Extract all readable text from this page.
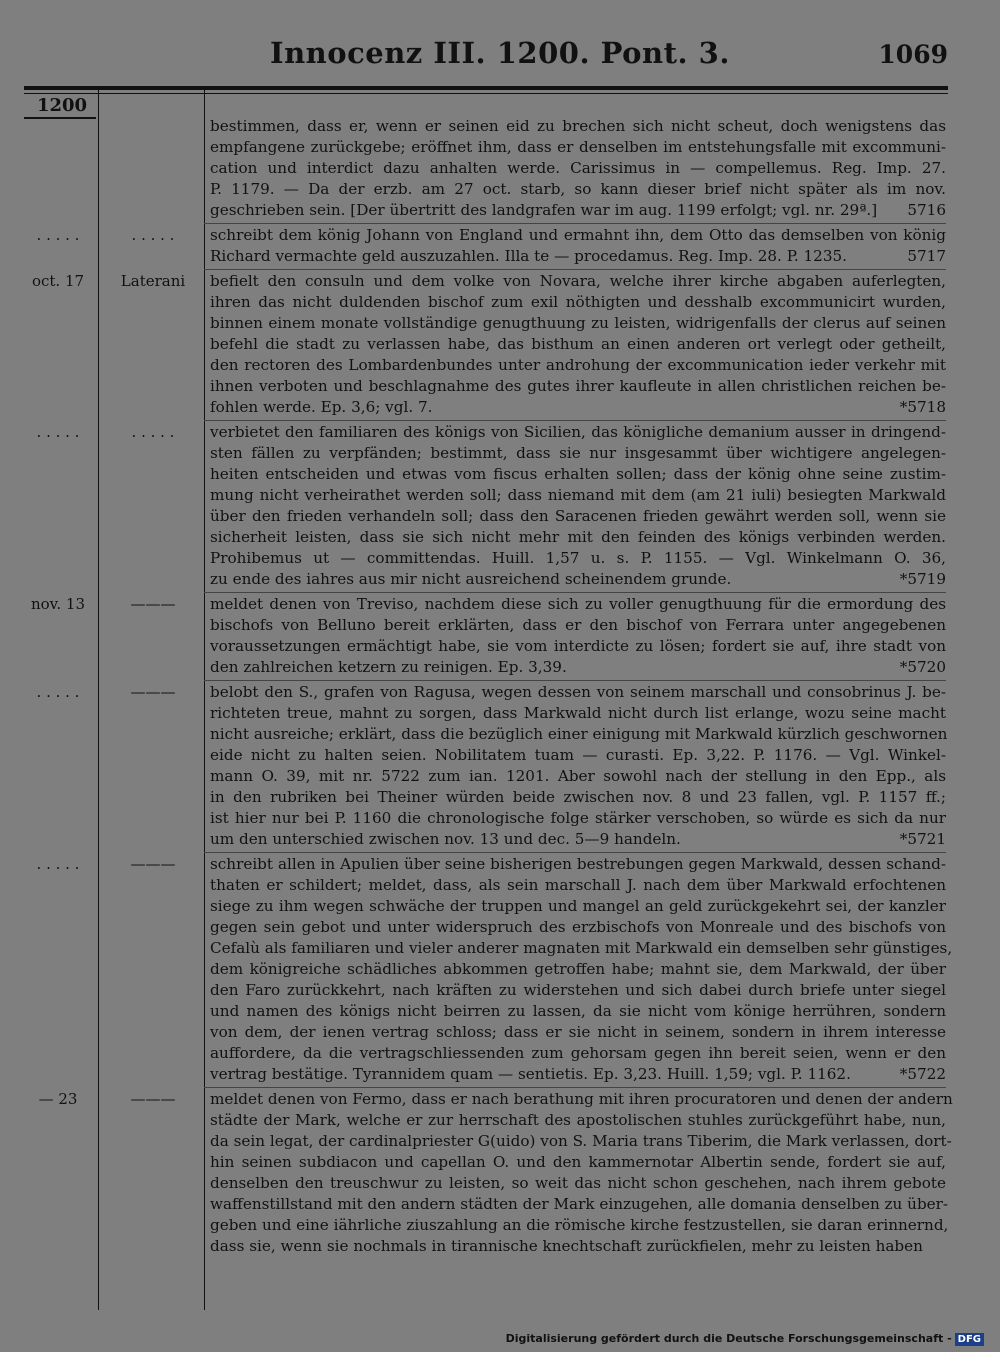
Innocenz III. 1200. Pont. 3.	1069
1200
bestimmen, dass er, wenn er seinen eid zu brechen sich nicht scheut, doch wenigstens das
empfangene zurückgebe; eröffnet ihm, dass er denselben im entstehungsfalle mit excommuni-
cation und interdict dazu anhalten werde. Carissimus in — compellemus. Reg. Imp. 27.
P. 1179. — Da der erzb. am 27 oct. starb, so kann dieser brief nicht später als im nov.
geschrieben sein. [Der übertritt des landgrafen war im aug. 1199 erfolgt; vgl. nr. 29ª.] 5716
. . . . .	. . . . .	schreibt dem könig Johann von England und ermahnt ihn, dem Otto das demselben von könig
Richard vermachte geld auszuzahlen. Illa te — procedamus. Reg. Imp. 28. P. 1235.	5717
oct. 17	Laterani	befielt den consuln und dem volke von Novara, welche ihrer kirche abgaben auferlegten,
ihren das nicht duldenden bischof zum exil nöthigten und desshalb excommunicirt wurden,
binnen einem monate vollständige genugthuung zu leisten, widrigenfalls der clerus auf seinen
befehl die stadt zu verlassen habe, das bisthum an einen anderen ort verlegt oder getheilt,
den rectoren des Lombardenbundes unter androhung der excommunication ieder verkehr mit
ihnen verboten und beschlagnahme des gutes ihrer kaufleute in allen christlichen reichen be-
fohlen werde. Ep. 3,6; vgl. 7.	*5718
. . . . .	. . . . .	verbietet den familiaren des königs von Sicilien, das königliche demanium ausser in dringend-
sten fällen zu verpfänden; bestimmt, dass sie nur insgesammt über wichtigere angelegen-
heiten entscheiden und etwas vom fiscus erhalten sollen; dass der könig ohne seine zustim-
mung nicht verheirathet werden soll; dass niemand mit dem (am 21 iuli) besiegten Markwald
über den frieden verhandeln soll; dass den Saracenen frieden gewährt werden soll, wenn sie
sicherheit leisten, dass sie sich nicht mehr mit den feinden des königs verbinden werden.
Prohibemus ut — committendas. Huill. 1,57 u. s. P. 1155. — Vgl. Winkelmann O. 36,
zu ende des iahres aus mir nicht ausreichend scheinendem grunde.	*5719
nov. 13	———	meldet denen von Treviso, nachdem diese sich zu voller genugthuung für die ermordung des
bischofs von Belluno bereit erklärten, dass er den bischof von Ferrara unter angegebenen
voraussetzungen ermächtigt habe, sie vom interdicte zu lösen; fordert sie auf, ihre stadt von
den zahlreichen ketzern zu reinigen. Ep. 3,39.	*5720
. . . . .	———	belobt den S., grafen von Ragusa, wegen dessen von seinem marschall und consobrinus J. be-
richteten treue, mahnt zu sorgen, dass Markwald nicht durch list erlange, wozu seine macht
nicht ausreiche; erklärt, dass die bezüglich einer einigung mit Markwald kürzlich geschwornen
eide nicht zu halten seien. Nobilitatem tuam — curasti. Ep. 3,22. P. 1176. — Vgl. Winkel-
mann O. 39, mit nr. 5722 zum ian. 1201. Aber sowohl nach der stellung in den Epp., als
in den rubriken bei Theiner würden beide zwischen nov. 8 und 23 fallen, vgl. P. 1157 ff.;
ist hier nur bei P. 1160 die chronologische folge stärker verschoben, so würde es sich da nur
um den unterschied zwischen nov. 13 und dec. 5—9 handeln.	*5721
. . . . .	———	schreibt allen in Apulien über seine bisherigen bestrebungen gegen Markwald, dessen schand-
thaten er schildert; meldet, dass, als sein marschall J. nach dem über Markwald erfochtenen
siege zu ihm wegen schwäche der truppen und mangel an geld zurückgekehrt sei, der kanzler
gegen sein gebot und unter widerspruch des erzbischofs von Monreale und des bischofs von
Cefalù als familiaren und vieler anderer magnaten mit Markwald ein demselben sehr günstiges,
dem königreiche schädliches abkommen getroffen habe; mahnt sie, dem Markwald, der über
den Faro zurückkehrt, nach kräften zu widerstehen und sich dabei durch briefe unter siegel
und namen des königs nicht beirren zu lassen, da sie nicht vom könige herrühren, sondern
von dem, der ienen vertrag schloss; dass er sie nicht in seinem, sondern in ihrem interesse
auffordere, da die vertragschliessenden zum gehorsam gegen ihn bereit seien, wenn er den
vertrag bestätige. Tyrannidem quam — sentietis. Ep. 3,23. Huill. 1,59; vgl. P. 1162.	*5722
— 23	———	meldet denen von Fermo, dass er nach berathung mit ihren procuratoren und denen der andern
städte der Mark, welche er zur herrschaft des apostolischen stuhles zurückgeführt habe, nun,
da sein legat, der cardinalpriester G(uido) von S. Maria trans Tiberim, die Mark verlassen, dort-
hin seinen subdiacon und capellan O. und den kammernotar Albertin sende, fordert sie auf,
denselben den treuschwur zu leisten, so weit das nicht schon geschehen, nach ihrem gebote
waffenstillstand mit den andern städten der Mark einzugehen, alle domania denselben zu über-
geben und eine iährliche ziuszahlung an die römische kirche festzustellen, sie daran erinnernd,
dass sie, wenn sie nochmals in tirannische knechtschaft zurückfielen, mehr zu leisten haben
Digitalisierung gefördert durch die Deutsche Forschungsgemeinschaft - DFG
